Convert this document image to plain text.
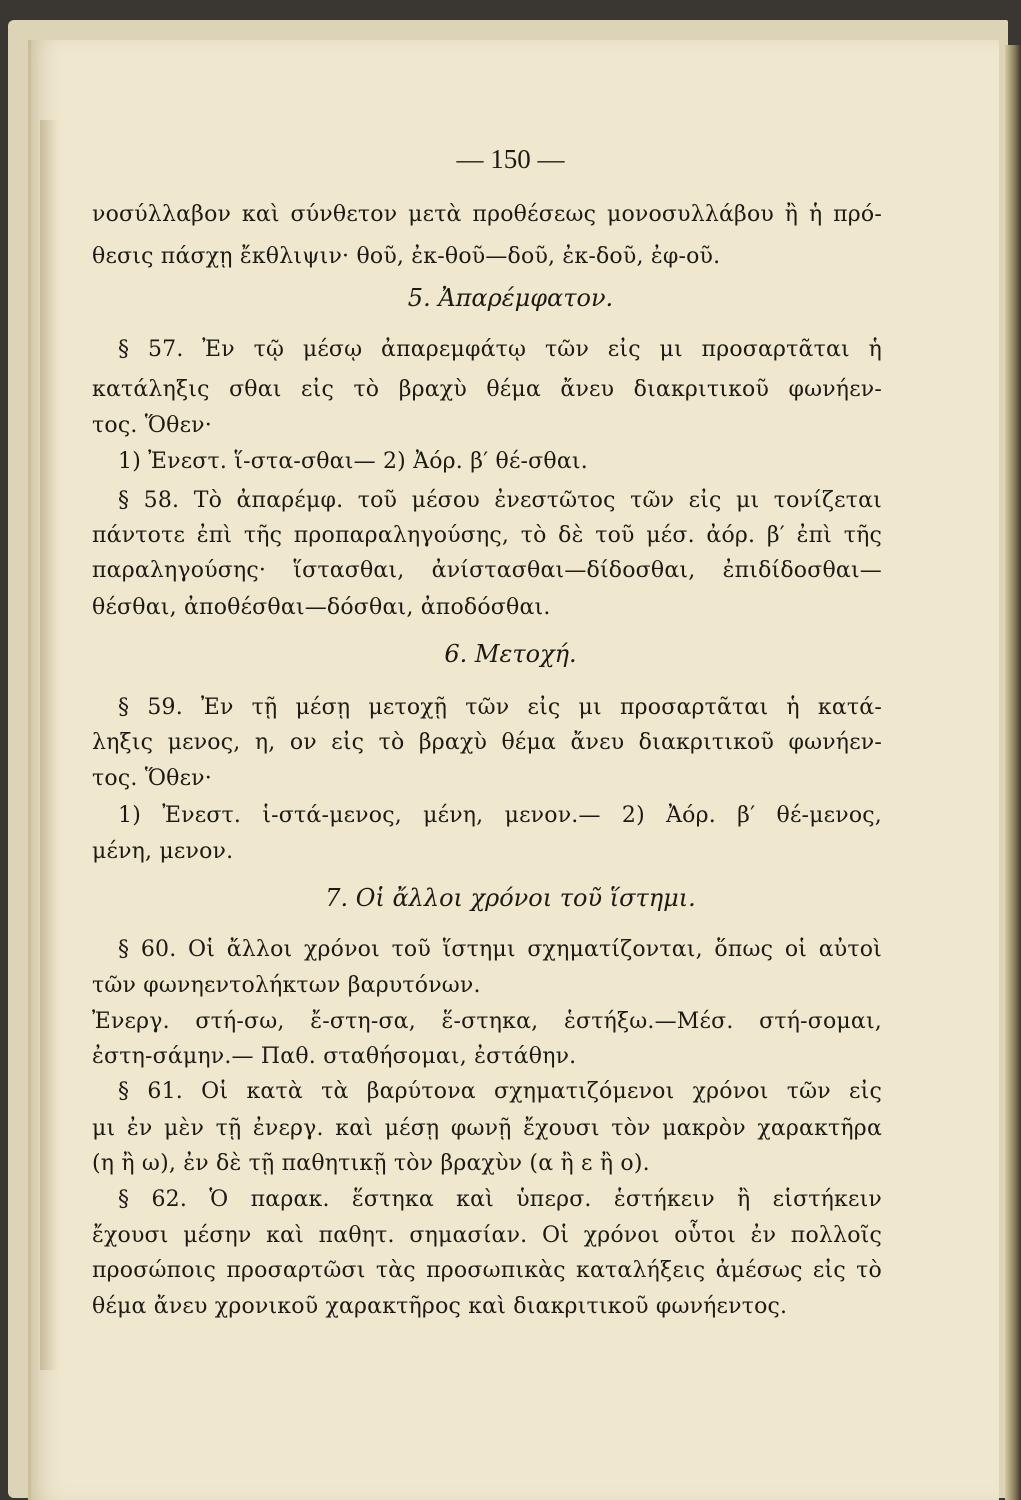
— 150 —
νοσύλλαβον καὶ σύνθετον μετὰ προθέσεως μονοσυλλάβου ἢ ἡ πρό-
θεσις πάσχῃ ἔκθλιψιν· θοῦ, ἐκ-θοῦ—δοῦ, ἐκ-δοῦ, ἐφ-οῦ.
5. Ἀπαρέμφατον.
§ 57. Ἐν τῷ μέσῳ ἀπαρεμφάτῳ τῶν εἰς μι προσαρτᾶται ἡ
κατάληξις σθαι εἰς τὸ βραχὺ θέμα ἄνευ διακριτικοῦ φωνήεν-
τος. Ὅθεν·
1) Ἐνεστ. ἵ-στα-σθαι— 2) Ἀόρ. β′ θέ-σθαι.
§ 58. Τὸ ἀπαρέμφ. τοῦ μέσου ἐνεστῶτος τῶν εἰς μι τονίζεται
πάντοτε ἐπὶ τῆς προπαραληγούσης, τὸ δὲ τοῦ μέσ. ἀόρ. β′ ἐπὶ τῆς
παραληγούσης· ἵστασθαι, ἀνίστασθαι—δίδοσθαι, ἐπιδίδοσθαι—
θέσθαι, ἀποθέσθαι—δόσθαι, ἀποδόσθαι.
6. Μετοχή.
§ 59. Ἐν τῇ μέσῃ μετοχῇ τῶν εἰς μι προσαρτᾶται ἡ κατά-
ληξις μενος, η, ον εἰς τὸ βραχὺ θέμα ἄνευ διακριτικοῦ φωνήεν-
τος. Ὅθεν·
1) Ἐνεστ. ἱ-στά-μενος, μένη, μενον.— 2) Ἀόρ. β′ θέ-μενος,
μένη, μενον.
7. Οἱ ἄλλοι χρόνοι τοῦ ἵστημι.
§ 60. Οἱ ἄλλοι χρόνοι τοῦ ἵστημι σχηματίζονται, ὅπως οἱ αὐτοὶ
τῶν φωνηεντολήκτων βαρυτόνων.
Ἐνεργ. στή-σω, ἔ-στη-σα, ἕ-στηκα, ἑστήξω.—Μέσ. στή-σομαι,
ἐστη-σάμην.— Παθ. σταθήσομαι, ἐστάθην.
§ 61. Οἱ κατὰ τὰ βαρύτονα σχηματιζόμενοι χρόνοι τῶν εἰς
μι ἐν μὲν τῇ ἐνεργ. καὶ μέσῃ φωνῇ ἔχουσι τὸν μακρὸν χαρακτῆρα
(η ἢ ω), ἐν δὲ τῇ παθητικῇ τὸν βραχὺν (α ἢ ε ἢ ο).
§ 62. Ὁ παρακ. ἕστηκα καὶ ὑπερσ. ἑστήκειν ἢ εἱστήκειν
ἔχουσι μέσην καὶ παθητ. σημασίαν. Οἱ χρόνοι οὗτοι ἐν πολλοῖς
προσώποις προσαρτῶσι τὰς προσωπικὰς καταλήξεις ἀμέσως εἰς τὸ
θέμα ἄνευ χρονικοῦ χαρακτῆρος καὶ διακριτικοῦ φωνήεντος.
